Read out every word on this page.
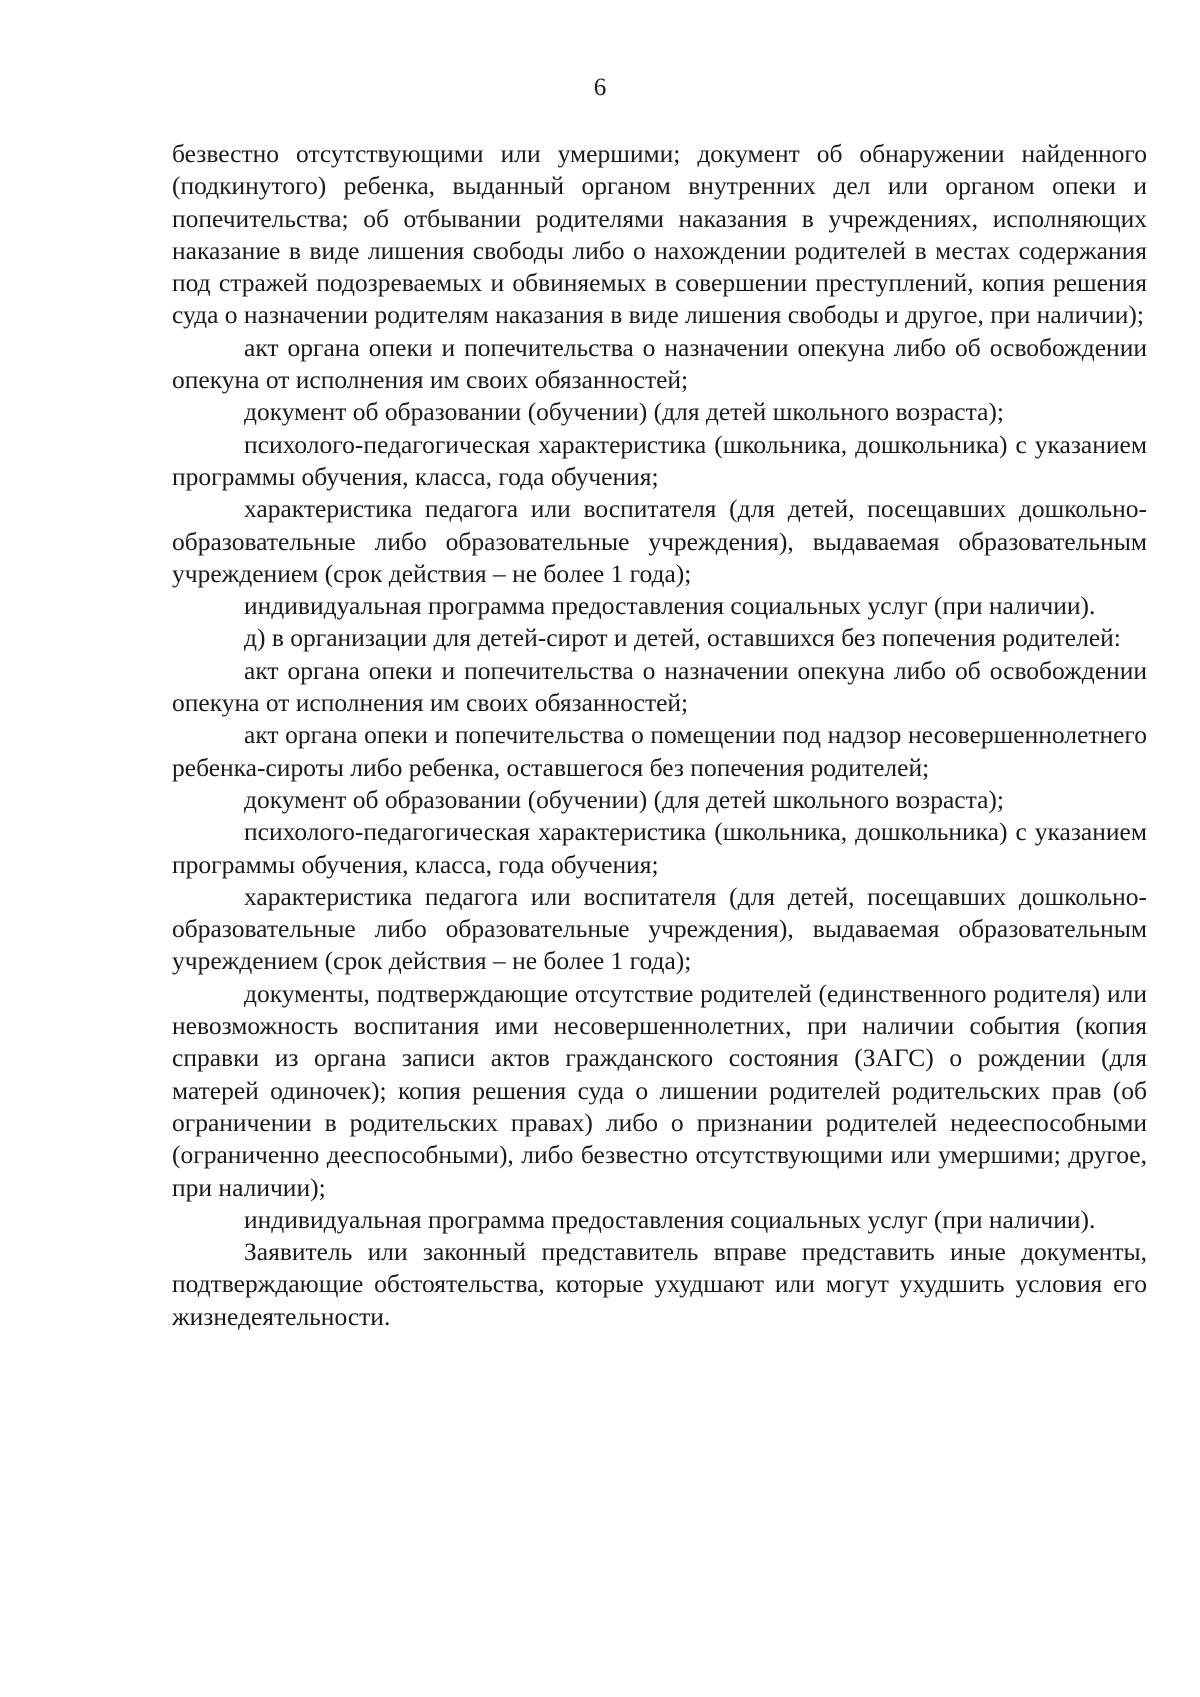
6

безвестно отсутствующими или умершими; документ об обнаружении найденного (подкинутого) ребенка, выданный органом внутренних дел или органом опеки и попечительства; об отбывании родителями наказания в учреждениях, исполняющих наказание в виде лишения свободы либо о нахождении родителей в местах содержания под стражей подозреваемых и обвиняемых в совершении преступлений, копия решения суда о назначении родителям наказания в виде лишения свободы и другое, при наличии);

акт органа опеки и попечительства о назначении опекуна либо об освобождении опекуна от исполнения им своих обязанностей;

документ об образовании (обучении) (для детей школьного возраста);

психолого-педагогическая характеристика (школьника, дошкольника) с указанием программы обучения, класса, года обучения;

характеристика педагога или воспитателя (для детей, посещавших дошкольно-образовательные либо образовательные учреждения), выдаваемая образовательным учреждением (срок действия – не более 1 года);

индивидуальная программа предоставления социальных услуг (при наличии).

д) в организации для детей-сирот и детей, оставшихся без попечения родителей:

акт органа опеки и попечительства о назначении опекуна либо об освобождении опекуна от исполнения им своих обязанностей;

акт органа опеки и попечительства о помещении под надзор несовершеннолетнего ребенка-сироты либо ребенка, оставшегося без попечения родителей;

документ об образовании (обучении) (для детей школьного возраста);

психолого-педагогическая характеристика (школьника, дошкольника) с указанием программы обучения, класса, года обучения;

характеристика педагога или воспитателя (для детей, посещавших дошкольно-образовательные либо образовательные учреждения), выдаваемая образовательным учреждением (срок действия – не более 1 года);

документы, подтверждающие отсутствие родителей (единственного родителя) или невозможность воспитания ими несовершеннолетних, при наличии события (копия справки из органа записи актов гражданского состояния (ЗАГС) о рождении (для матерей одиночек); копия решения суда о лишении родителей родительских прав (об ограничении в родительских правах) либо о признании родителей недееспособными (ограниченно дееспособными), либо безвестно отсутствующими или умершими; другое, при наличии);

индивидуальная программа предоставления социальных услуг (при наличии).

Заявитель или законный представитель вправе представить иные документы, подтверждающие обстоятельства, которые ухудшают или могут ухудшить условия его жизнедеятельности.
